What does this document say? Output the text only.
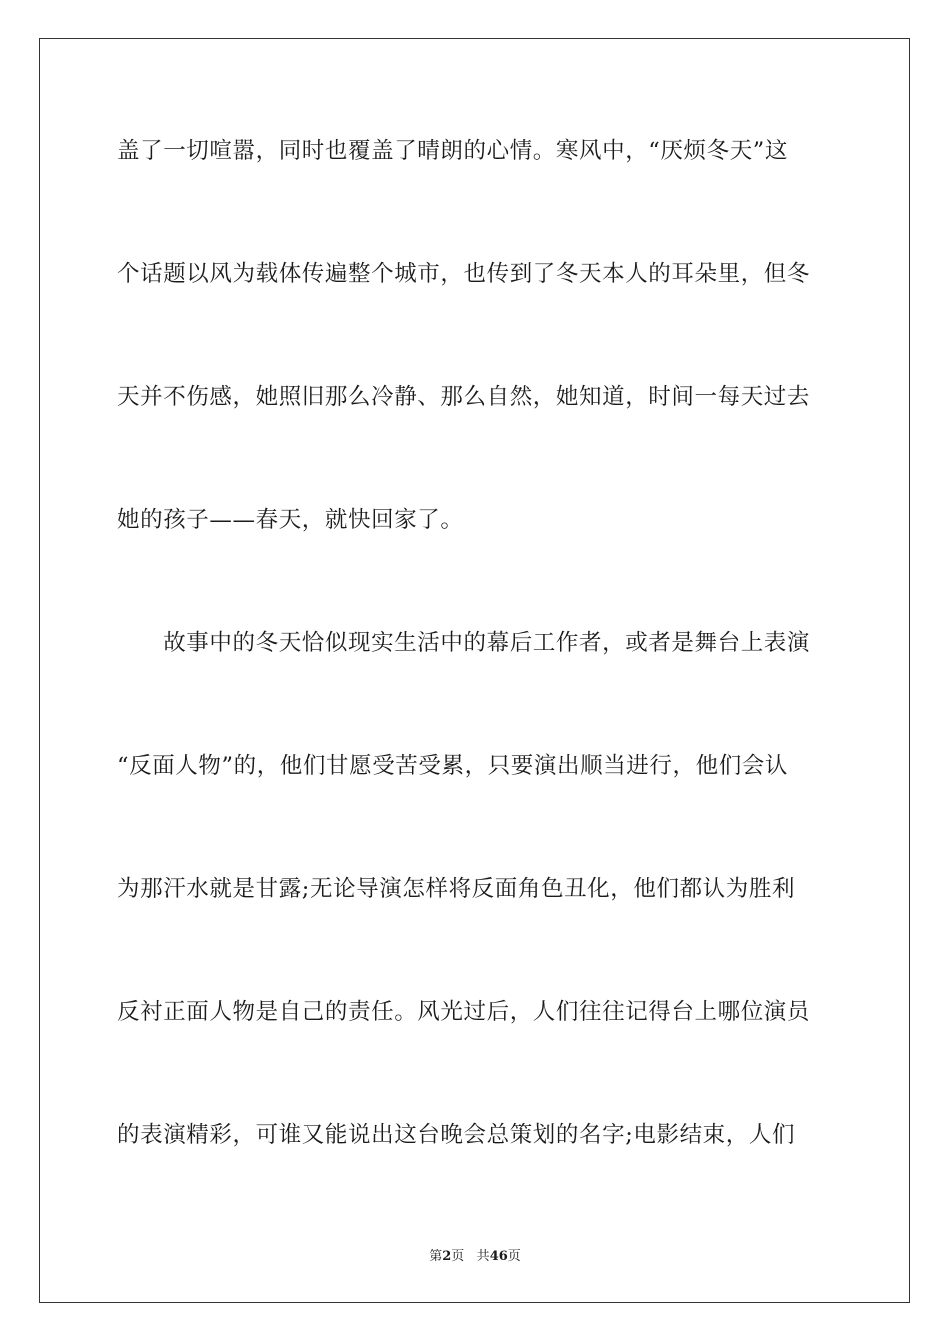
盖了一切喧嚣，同时也覆盖了晴朗的心情。寒风中，“厌烦冬天”这
个话题以风为载体传遍整个城市，也传到了冬天本人的耳朵里，但冬
天并不伤感，她照旧那么冷静、那么自然，她知道，时间一每天过去
她的孩子——春天，就快回家了。
　　故事中的冬天恰似现实生活中的幕后工作者，或者是舞台上表演
“反面人物”的，他们甘愿受苦受累，只要演出顺当进行，他们会认
为那汗水就是甘露;无论导演怎样将反面角色丑化，他们都认为胜利
反衬正面人物是自己的责任。风光过后，人们往往记得台上哪位演员
的表演精彩，可谁又能说出这台晚会总策划的名字;电影结束，人们
第2页 共46页
